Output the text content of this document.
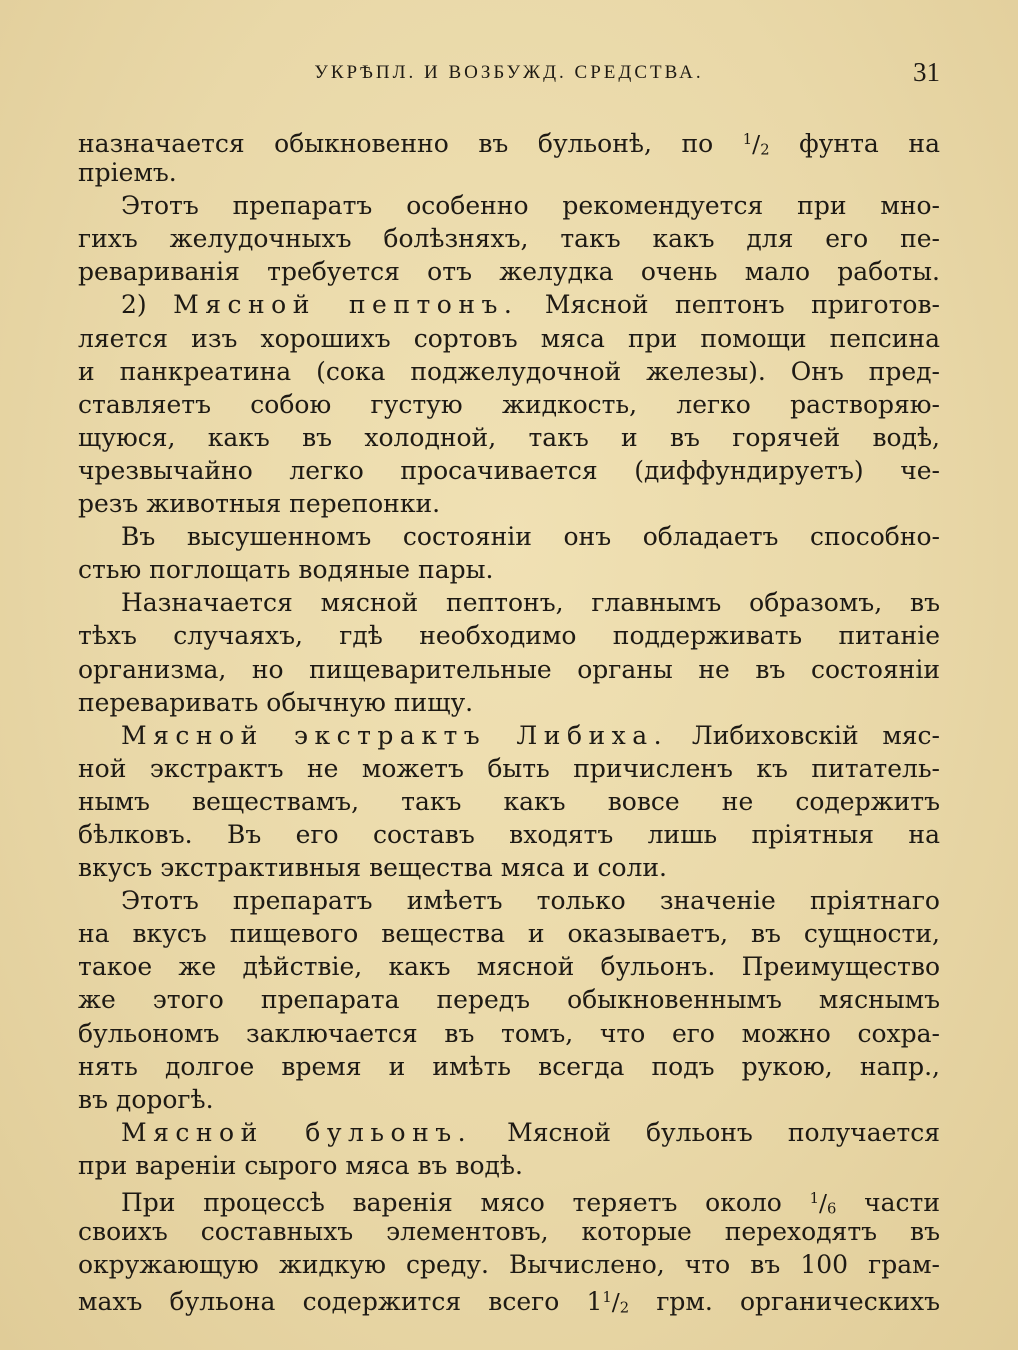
УКРѢПЛ. И ВОЗБУЖД. СРЕДСТВА.	31
назначается обыкновенно въ бульонѣ, по $^1/_2$ фунта на
пріемъ.
Этотъ препаратъ особенно рекомендуется при мно-
гихъ желудочныхъ болѣзняхъ, такъ какъ для его пе-
ревариванія требуется отъ желудка очень мало работы.
2) Мясной пептонъ. Мясной пептонъ приготов-
ляется изъ хорошихъ сортовъ мяса при помощи пепсина
и панкреатина (сока поджелудочной железы). Онъ пред-
ставляетъ собою густую жидкость, легко растворяю-
щуюся, какъ въ холодной, такъ и въ горячей водѣ,
чрезвычайно легко просачивается (диффундируетъ) че-
резъ животныя перепонки.
Въ высушенномъ состояніи онъ обладаетъ способно-
стью поглощать водяные пары.
Назначается мясной пептонъ, главнымъ образомъ, въ
тѣхъ случаяхъ, гдѣ необходимо поддерживать питаніе
организма, но пищеварительные органы не въ состояніи
переваривать обычную пищу.
Мясной экстрактъ Либиха. Либиховскій мяс-
ной экстрактъ не можетъ быть причисленъ къ питатель-
нымъ веществамъ, такъ какъ вовсе не содержитъ
бѣлковъ. Въ его составъ входятъ лишь пріятныя на
вкусъ экстрактивныя вещества мяса и соли.
Этотъ препаратъ имѣетъ только значеніе пріятнаго
на вкусъ пищевого вещества и оказываетъ, въ сущности,
такое же дѣйствіе, какъ мясной бульонъ. Преимущество
же этого препарата передъ обыкновеннымъ мяснымъ
бульономъ заключается въ томъ, что его можно сохра-
нять долгое время и имѣть всегда подъ рукою, напр.,
въ дорогѣ.
Мясной бульонъ. Мясной бульонъ получается
при вареніи сырого мяса въ водѣ.
При процессѣ варенія мясо теряетъ около $^1/_6$ части
своихъ составныхъ элементовъ, которые переходятъ въ
окружающую жидкую среду. Вычислено, что въ 100 грам-
махъ бульона содержится всего $1^1/_2$ грм. органическихъ
